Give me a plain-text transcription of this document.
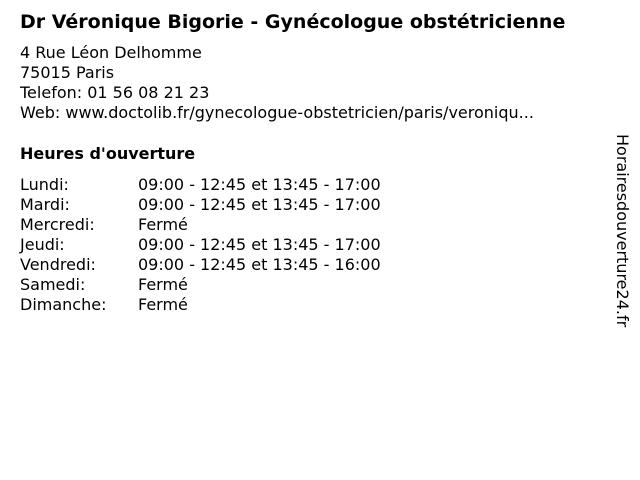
Dr Véronique Bigorie - Gynécologue obstétricienne
4 Rue Léon Delhomme
75015 Paris
Telefon: 01 56 08 21 23
Web: www.doctolib.fr/gynecologue-obstetricien/paris/veroniqu...
Heures d'ouverture
Lundi:	09:00 - 12:45 et 13:45 - 17:00
Mardi:	09:00 - 12:45 et 13:45 - 17:00
Mercredi:	Fermé
Jeudi:	09:00 - 12:45 et 13:45 - 17:00
Vendredi:	09:00 - 12:45 et 13:45 - 16:00
Samedi:	Fermé
Dimanche:	Fermé	Horairesdouverture24.fr
